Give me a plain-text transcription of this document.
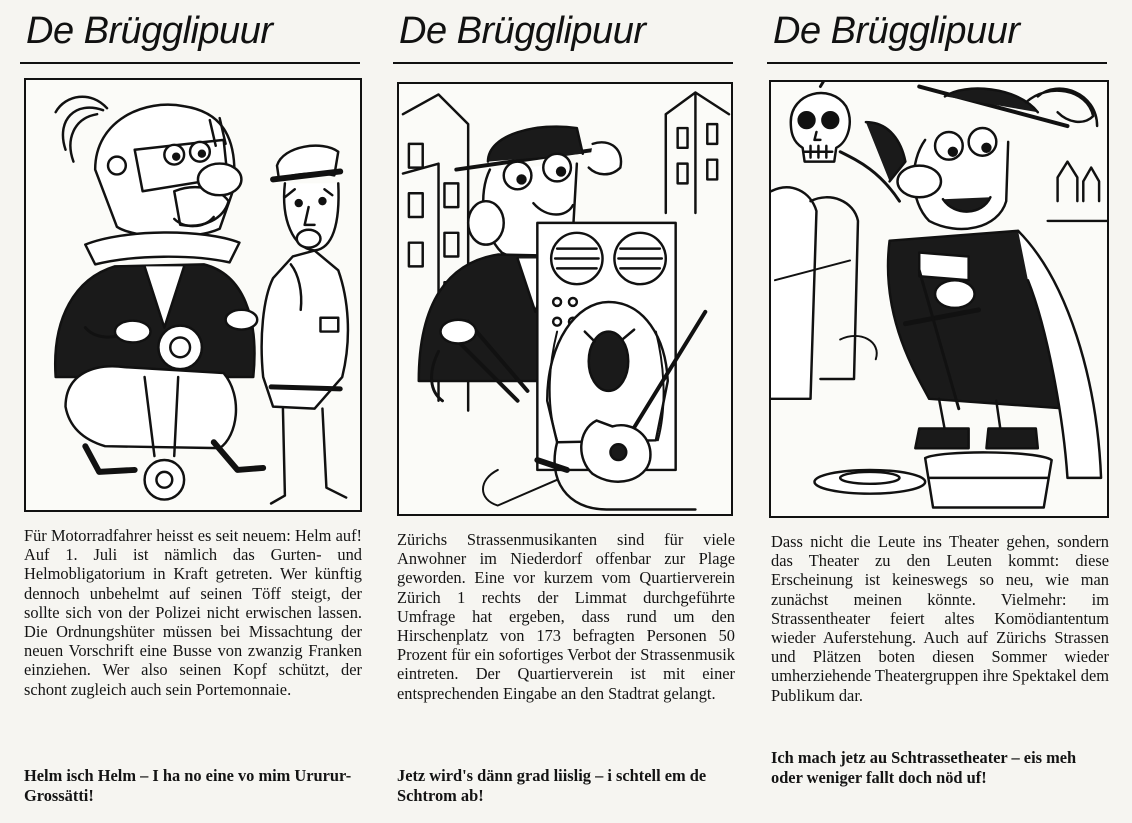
De Brügglipuur

Für Motorradfahrer heisst es seit neuem: Helm auf! Auf 1. Juli ist nämlich das Gurten- und Helmobligatorium in Kraft getreten. Wer künftig dennoch unbehelmt auf seinen Töff steigt, der sollte sich von der Polizei nicht erwischen lassen. Die Ordnungshüter müssen bei Missachtung der neuen Vorschrift eine Busse von zwanzig Franken einziehen. Wer also seinen Kopf schützt, der schont zugleich auch sein Portemonnaie.

Helm isch Helm – I ha no eine vo mim Ururur-Grossätti!

De Brügglipuur

Zürichs Strassenmusikanten sind für viele Anwohner im Niederdorf offenbar zur Plage geworden. Eine vor kurzem vom Quartierverein Zürich 1 rechts der Limmat durchgeführte Umfrage hat ergeben, dass rund um den Hirschenplatz von 173 befragten Personen 50 Prozent für ein sofortiges Verbot der Strassenmusik eintreten. Der Quartierverein ist mit einer entsprechenden Eingabe an den Stadtrat gelangt.

Jetz wird's dänn grad liislig – i schtell em de Schtrom ab!

De Brügglipuur

Dass nicht die Leute ins Theater gehen, sondern das Theater zu den Leuten kommt: diese Erscheinung ist keineswegs so neu, wie man zunächst meinen könnte. Vielmehr: im Strassentheater feiert altes Komödiantentum wieder Auferstehung. Auch auf Zürichs Strassen und Plätzen boten diesen Sommer wieder umherziehende Theatergruppen ihre Spektakel dem Publikum dar.

Ich mach jetz au Schtrassetheater – eis meh oder weniger fallt doch nöd uf!
